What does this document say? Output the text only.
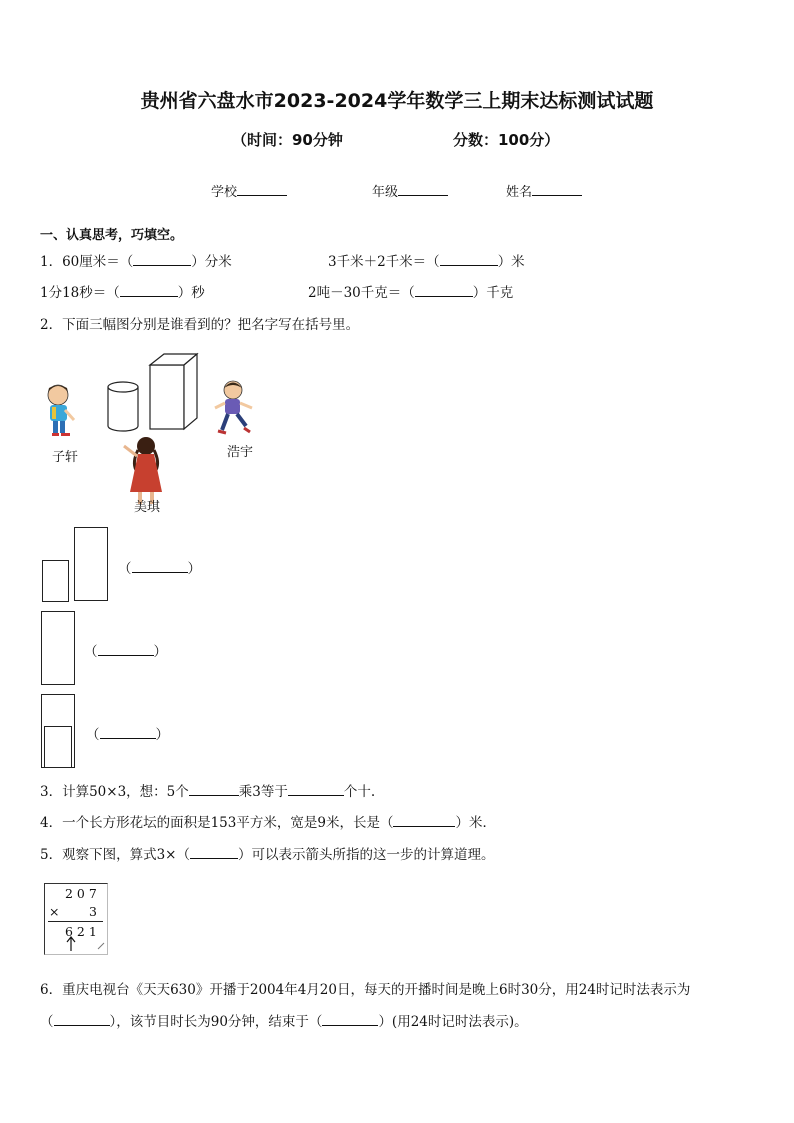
贵州省六盘水市2023-2024学年数学三上期末达标测试试题
（时间：90分钟	分数：100分）
学校	年级	姓名
一、认真思考，巧填空。
1．60厘米＝（	）分米	3千米＋2千米＝（	）米
1分18秒＝（	）秒	2吨－30千克＝（	）千克
2．下面三幅图分别是谁看到的？把名字写在括号里。
子轩
美琪
浩宇
（	）
（	）
（	）
3．计算50×3，想：5个	乘3等于	个十.
4．一个长方形花坛的面积是153平方米，宽是9米，长是（	）米．
5．观察下图，算式3×（	）可以表示箭头所指的这一步的计算道理。
2 0 7
× 3
6 2 1
6．重庆电视台《天天630》开播于2004年4月20日，每天的开播时间是晚上6时30分，用24时记时法表示为
（	），该节目时长为90分钟，结束于（	）(用24时记时法表示)。
